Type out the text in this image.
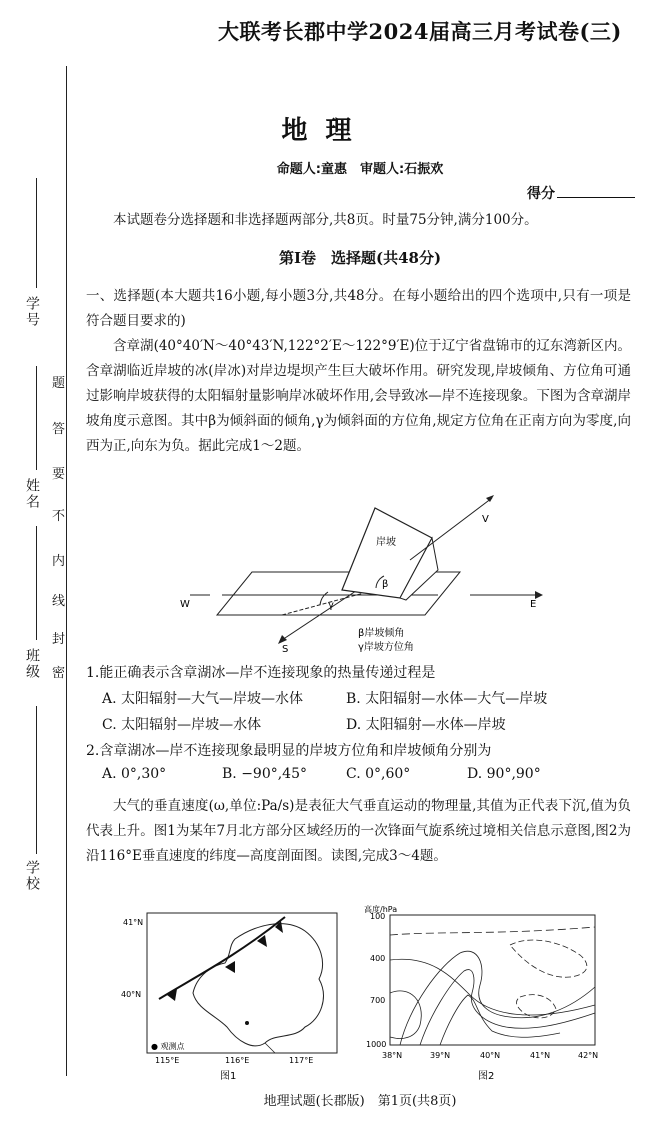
学号
姓名
班级
学校
密
封
线
内
不
要
答
题
大联考长郡中学2024届高三月考试卷(三)
地理
命题人:童惠　审题人:石振欢
得分
本试题卷分选择题和非选择题两部分,共8页。时量75分钟,满分100分。
第Ⅰ卷　选择题(共48分)
一、选择题(本大题共16小题,每小题3分,共48分。在每小题给出的四个选项中,只有一项是符合题目要求的)
含章湖(40°40′N～40°43′N,122°2′E～122°9′E)位于辽宁省盘锦市的辽东湾新区内。含章湖临近岸坡的冰(岸冰)对岸边堤坝产生巨大破坏作用。研究发现,岸坡倾角、方位角可通过影响岸坡获得的太阳辐射量影响岸冰破坏作用,会导致冰—岸不连接现象。下图为含章湖岸坡角度示意图。其中β为倾斜面的倾角,γ为倾斜面的方位角,规定方位角在正南方向为零度,向西为正,向东为负。据此完成1～2题。
岸坡
V
β
γ
W	E
S
β岸坡倾角
γ岸坡方位角
1.能正确表示含章湖冰—岸不连接现象的热量传递过程是
A. 太阳辐射—大气—岸坡—水体	B. 太阳辐射—水体—大气—岸坡
C. 太阳辐射—岸坡—水体	D. 太阳辐射—水体—岸坡
2.含章湖冰—岸不连接现象最明显的岸坡方位角和岸坡倾角分别为
A. 0°,30°	B. −90°,45°	C. 0°,60°	D. 90°,90°
大气的垂直速度(ω,单位:Pa/s)是表征大气垂直运动的物理量,其值为正代表下沉,值为负代表上升。图1为某年7月北方部分区域经历的一次锋面气旋系统过境相关信息示意图,图2为沿116°E垂直速度的纬度—高度剖面图。读图,完成3～4题。
41°N
40°N
115°E	116°E	117°E
● 观测点
图1
高度/hPa
100
400
700
1000
38°N	39°N	40°N	41°N	42°N
图2
地理试题(长郡版)　第1页(共8页)
